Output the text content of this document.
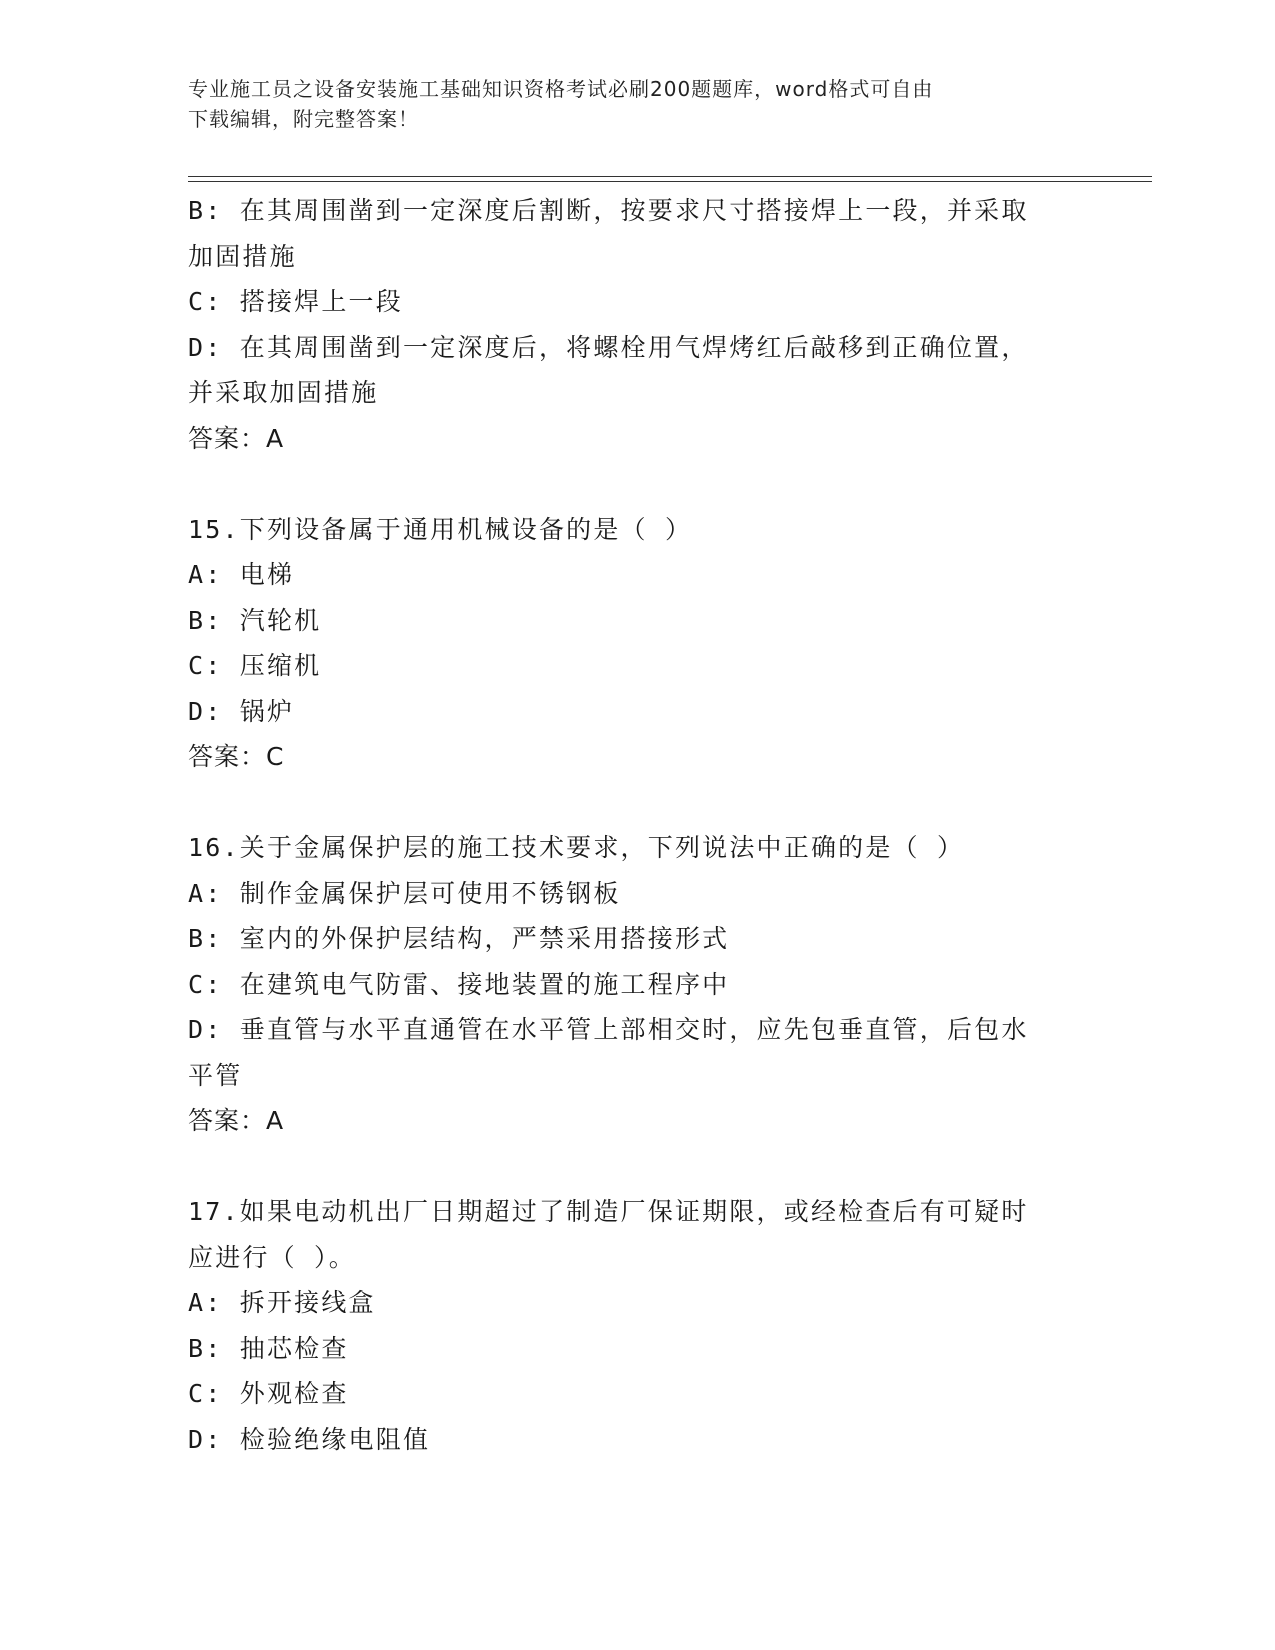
专业施工员之设备安装施工基础知识资格考试必刷200题题库，word格式可自由
下载编辑，附完整答案！

B: 在其周围凿到一定深度后割断，按要求尺寸搭接焊上一段，并采取

加固措施

C: 搭接焊上一段

D: 在其周围凿到一定深度后，将螺栓用气焊烤红后敲移到正确位置，

并采取加固措施

答案：A

15.下列设备属于通用机械设备的是（ ）

A: 电梯

B: 汽轮机

C: 压缩机

D: 锅炉

答案：C

16.关于金属保护层的施工技术要求，下列说法中正确的是（ ）

A: 制作金属保护层可使用不锈钢板

B: 室内的外保护层结构，严禁采用搭接形式

C: 在建筑电气防雷、接地装置的施工程序中

D: 垂直管与水平直通管在水平管上部相交时，应先包垂直管，后包水

平管

答案：A

17.如果电动机出厂日期超过了制造厂保证期限，或经检查后有可疑时

应进行（ ）。

A: 拆开接线盒

B: 抽芯检查

C: 外观检查

D: 检验绝缘电阻值
